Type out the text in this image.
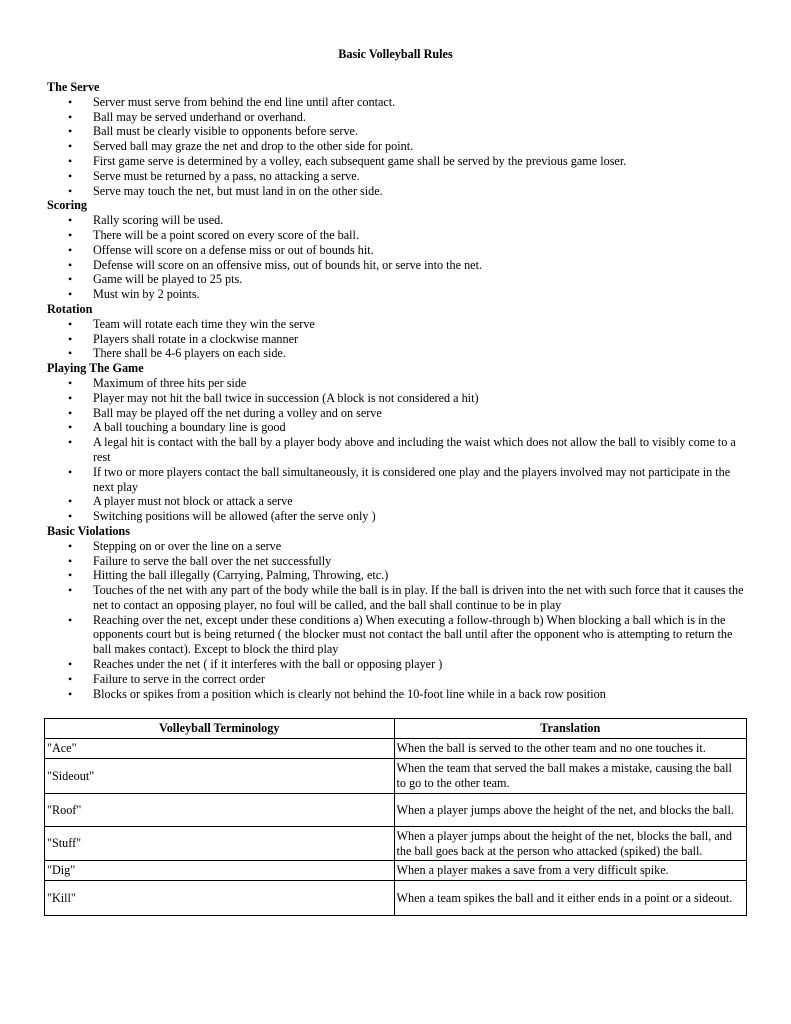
Basic Volleyball Rules
The Serve
• Server must serve from behind the end line until after contact.
• Ball may be served underhand or overhand.
• Ball must be clearly visible to opponents before serve.
• Served ball may graze the net and drop to the other side for point.
• First game serve is determined by a volley, each subsequent game shall be served by the previous game loser.
• Serve must be returned by a pass, no attacking a serve.
• Serve may touch the net, but must land in on the other side.
Scoring
• Rally scoring will be used.
• There will be a point scored on every score of the ball.
• Offense will score on a defense miss or out of bounds hit.
• Defense will score on an offensive miss, out of bounds hit, or serve into the net.
• Game will be played to 25 pts.
• Must win by 2 points.
Rotation
• Team will rotate each time they win the serve
• Players shall rotate in a clockwise manner
• There shall be 4-6 players on each side.
Playing The Game
• Maximum of three hits per side
• Player may not hit the ball twice in succession (A block is not considered a hit)
• Ball may be played off the net during a volley and on serve
• A ball touching a boundary line is good
• A legal hit is contact with the ball by a player body above and including the waist which does not allow the ball to visibly come to a rest
• If two or more players contact the ball simultaneously, it is considered one play and the players involved may not participate in the next play
• A player must not block or attack a serve
• Switching positions will be allowed (after the serve only )
Basic Violations
• Stepping on or over the line on a serve
• Failure to serve the ball over the net successfully
• Hitting the ball illegally (Carrying, Palming, Throwing, etc.)
• Touches of the net with any part of the body while the ball is in play. If the ball is driven into the net with such force that it causes the net to contact an opposing player, no foul will be called, and the ball shall continue to be in play
• Reaching over the net, except under these conditions a) When executing a follow-through b) When blocking a ball which is in the opponents court but is being returned ( the blocker must not contact the ball until after the opponent who is attempting to return the ball makes contact). Except to block the third play
• Reaches under the net ( if it interferes with the ball or opposing player )
• Failure to serve in the correct order
• Blocks or spikes from a position which is clearly not behind the 10-foot line while in a back row position
Volleyball Terminology	Translation
"Ace"	When the ball is served to the other team and no one touches it.
"Sideout"	When the team that served the ball makes a mistake, causing the ball to go to the other team.
"Roof"	When a player jumps above the height of the net, and blocks the ball.
"Stuff"	When a player jumps about the height of the net, blocks the ball, and the ball goes back at the person who attacked (spiked) the ball.
"Dig"	When a player makes a save from a very difficult spike.
"Kill"	When a team spikes the ball and it either ends in a point or a sideout.
